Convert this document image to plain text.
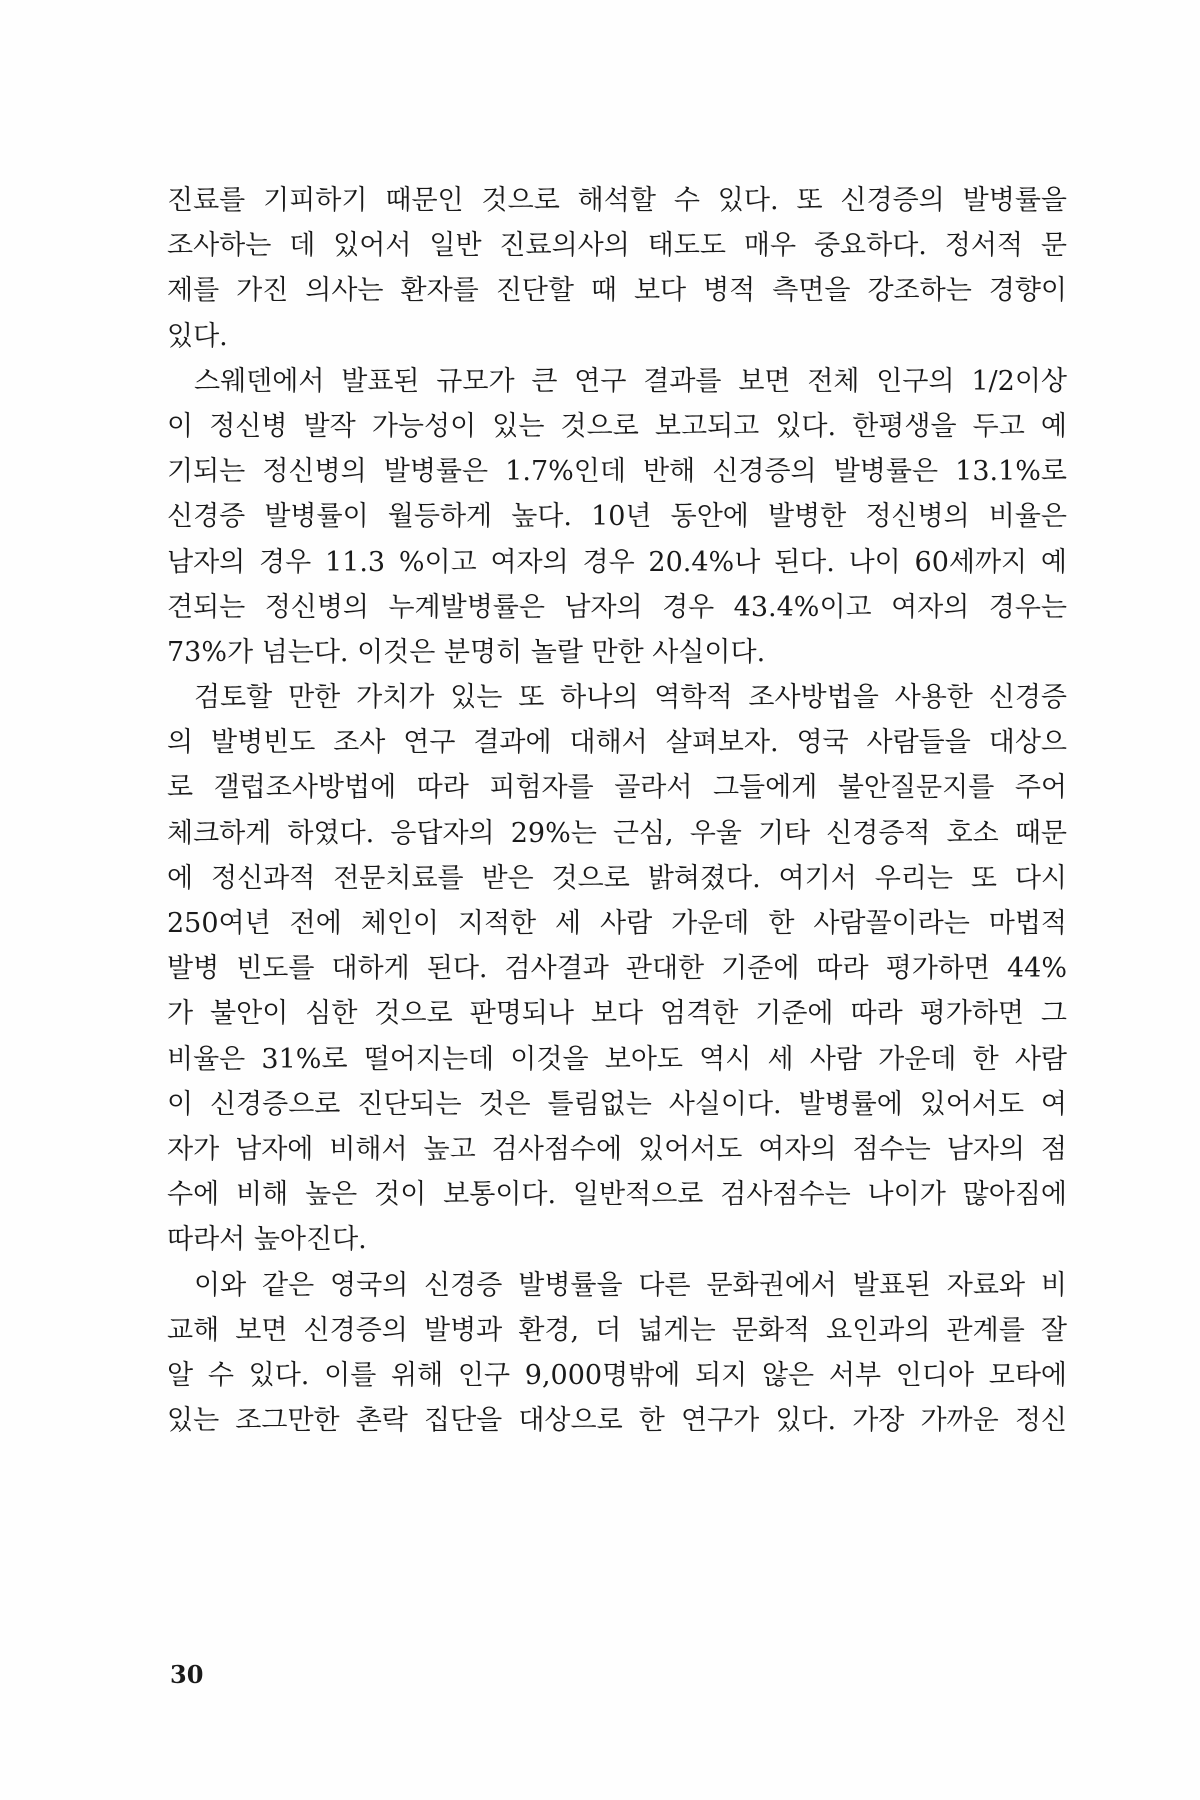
진료를 기피하기 때문인 것으로 해석할 수 있다. 또 신경증의 발병률을
조사하는 데 있어서 일반 진료의사의 태도도 매우 중요하다. 정서적 문
제를 가진 의사는 환자를 진단할 때 보다 병적 측면을 강조하는 경향이
있다.
스웨덴에서 발표된 규모가 큰 연구 결과를 보면 전체 인구의 1/2이상
이 정신병 발작 가능성이 있는 것으로 보고되고 있다. 한평생을 두고 예
기되는 정신병의 발병률은 1.7%인데 반해 신경증의 발병률은 13.1%로
신경증 발병률이 월등하게 높다. 10년 동안에 발병한 정신병의 비율은
남자의 경우 11.3 %이고 여자의 경우 20.4%나 된다. 나이 60세까지 예
견되는 정신병의 누계발병률은 남자의 경우 43.4%이고 여자의 경우는
73%가 넘는다. 이것은 분명히 놀랄 만한 사실이다.
검토할 만한 가치가 있는 또 하나의 역학적 조사방법을 사용한 신경증
의 발병빈도 조사 연구 결과에 대해서 살펴보자. 영국 사람들을 대상으
로 갤럽조사방법에 따라 피험자를 골라서 그들에게 불안질문지를 주어
체크하게 하였다. 응답자의 29%는 근심, 우울 기타 신경증적 호소 때문
에 정신과적 전문치료를 받은 것으로 밝혀졌다. 여기서 우리는 또 다시
250여년 전에 체인이 지적한 세 사람 가운데 한 사람꼴이라는 마법적
발병 빈도를 대하게 된다. 검사결과 관대한 기준에 따라 평가하면 44%
가 불안이 심한 것으로 판명되나 보다 엄격한 기준에 따라 평가하면 그
비율은 31%로 떨어지는데 이것을 보아도 역시 세 사람 가운데 한 사람
이 신경증으로 진단되는 것은 틀림없는 사실이다. 발병률에 있어서도 여
자가 남자에 비해서 높고 검사점수에 있어서도 여자의 점수는 남자의 점
수에 비해 높은 것이 보통이다. 일반적으로 검사점수는 나이가 많아짐에
따라서 높아진다.
이와 같은 영국의 신경증 발병률을 다른 문화권에서 발표된 자료와 비
교해 보면 신경증의 발병과 환경, 더 넓게는 문화적 요인과의 관계를 잘
알 수 있다. 이를 위해 인구 9,000명밖에 되지 않은 서부 인디아 모타에
있는 조그만한 촌락 집단을 대상으로 한 연구가 있다. 가장 가까운 정신
30
